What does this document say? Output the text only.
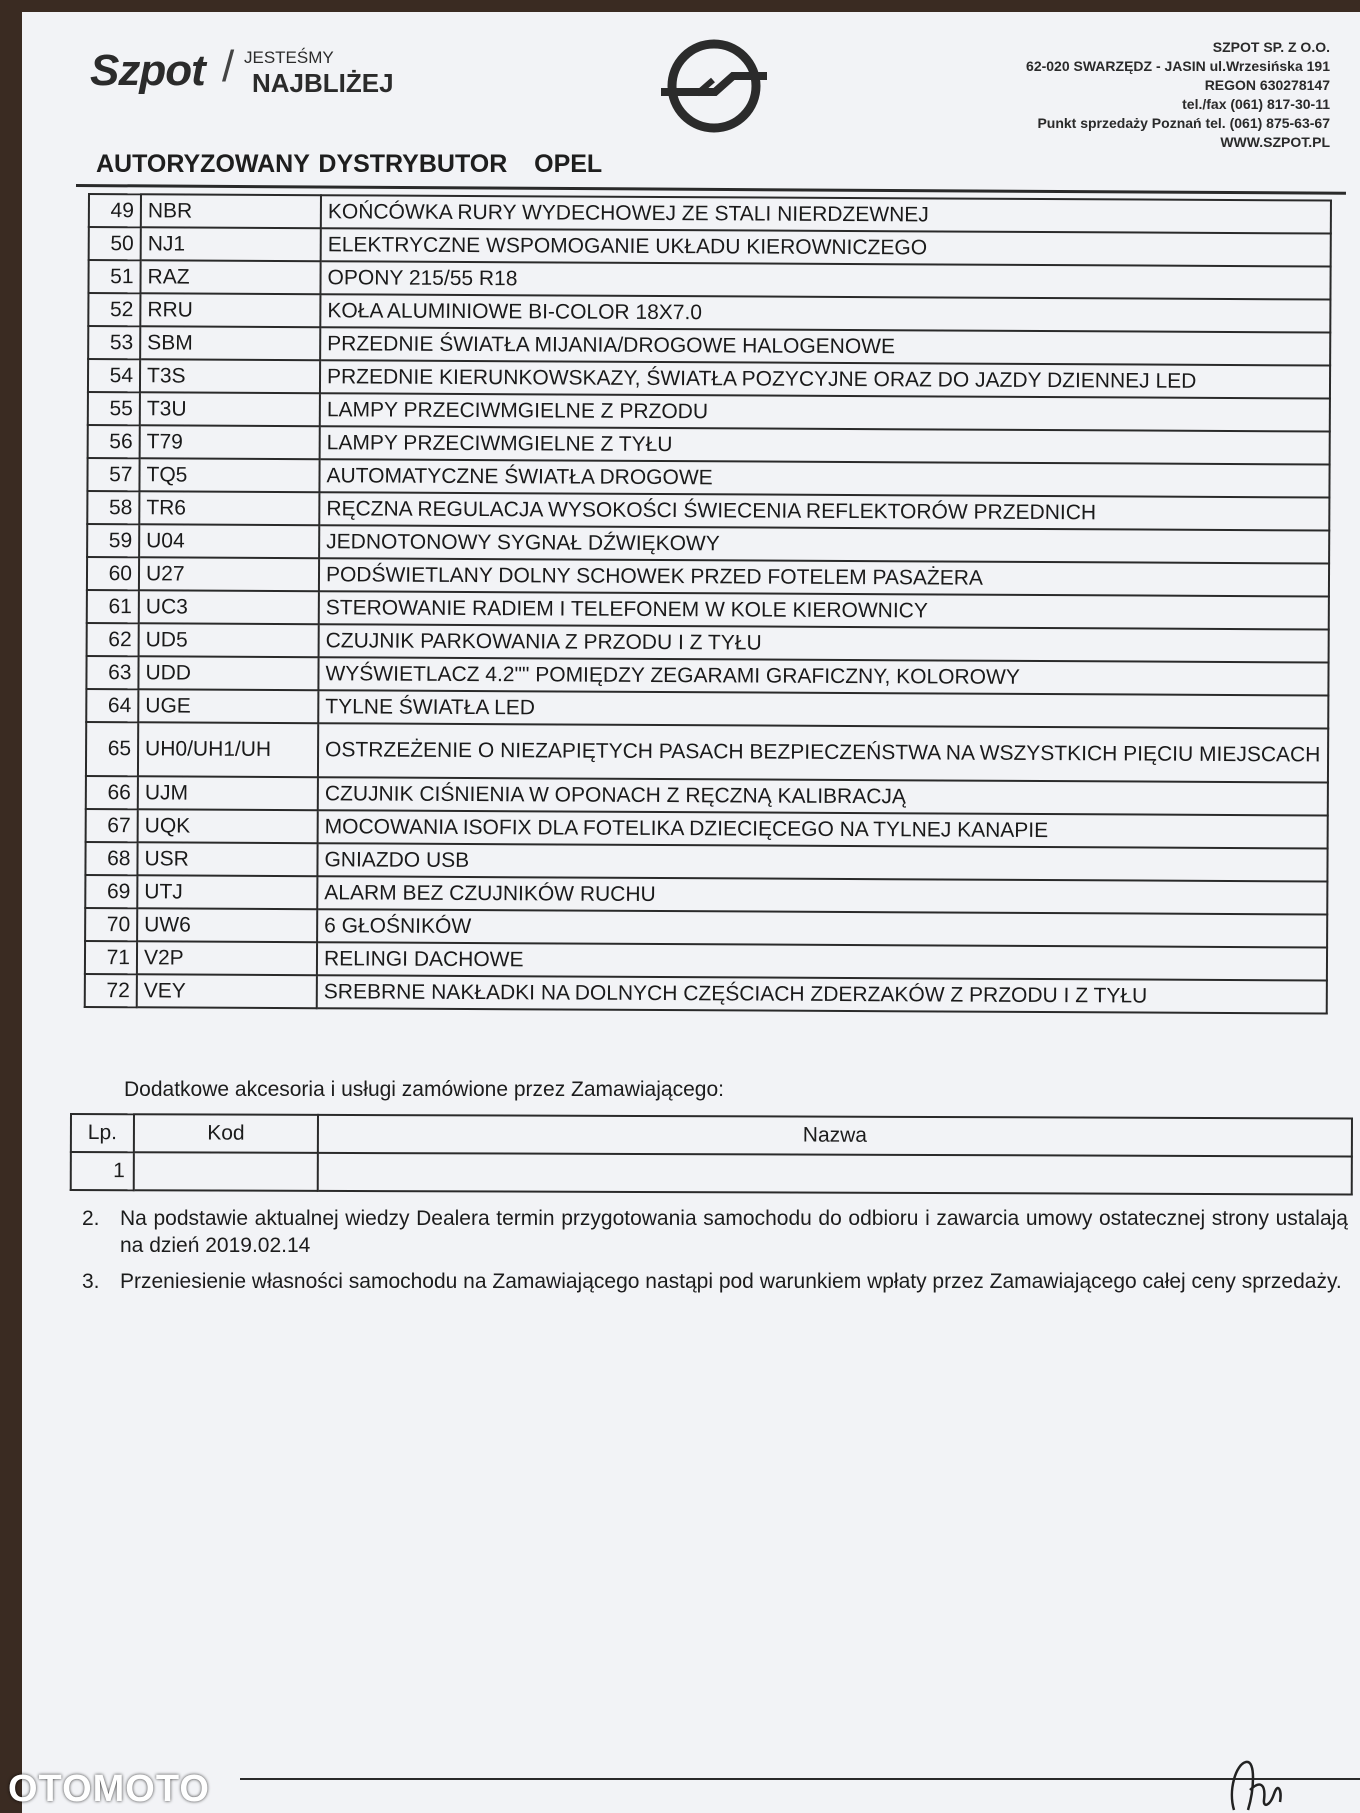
Szpot / JESTEŚMY
NAJBLIŻEJ
SZPOT SP. Z O.O.
62-020 SWARZĘDZ - JASIN ul.Wrzesińska 191
REGON 630278147
tel./fax (061) 817-30-11
Punkt sprzedaży Poznań tel. (061) 875-63-67
WWW.SZPOT.PL
AUTORYZOWANY DYSTRYBUTOR   OPEL
49	NBR	KOŃCÓWKA RURY WYDECHOWEJ ZE STALI NIERDZEWNEJ
50	NJ1	ELEKTRYCZNE WSPOMOGANIE UKŁADU KIEROWNICZEGO
51	RAZ	OPONY 215/55 R18
52	RRU	KOŁA ALUMINIOWE BI-COLOR 18X7.0
53	SBM	PRZEDNIE ŚWIATŁA MIJANIA/DROGOWE HALOGENOWE
54	T3S	PRZEDNIE KIERUNKOWSKAZY, ŚWIATŁA POZYCYJNE ORAZ DO JAZDY DZIENNEJ LED
55	T3U	LAMPY PRZECIWMGIELNE Z PRZODU
56	T79	LAMPY PRZECIWMGIELNE Z TYŁU
57	TQ5	AUTOMATYCZNE ŚWIATŁA DROGOWE
58	TR6	RĘCZNA REGULACJA WYSOKOŚCI ŚWIECENIA REFLEKTORÓW PRZEDNICH
59	U04	JEDNOTONOWY SYGNAŁ DŹWIĘKOWY
60	U27	PODŚWIETLANY DOLNY SCHOWEK PRZED FOTELEM PASAŻERA
61	UC3	STEROWANIE RADIEM I TELEFONEM W KOLE KIEROWNICY
62	UD5	CZUJNIK PARKOWANIA Z PRZODU I Z TYŁU
63	UDD	WYŚWIETLACZ 4.2"" POMIĘDZY ZEGARAMI GRAFICZNY, KOLOROWY
64	UGE	TYLNE ŚWIATŁA LED
65	UH0/UH1/UH	OSTRZEŻENIE O NIEZAPIĘTYCH PASACH BEZPIECZEŃSTWA NA WSZYSTKICH PIĘCIU MIEJSCACH
66	UJM	CZUJNIK CIŚNIENIA W OPONACH Z RĘCZNĄ KALIBRACJĄ
67	UQK	MOCOWANIA ISOFIX DLA FOTELIKA DZIECIĘCEGO NA TYLNEJ KANAPIE
68	USR	GNIAZDO USB
69	UTJ	ALARM BEZ CZUJNIKÓW RUCHU
70	UW6	6 GŁOŚNIKÓW
71	V2P	RELINGI DACHOWE
72	VEY	SREBRNE NAKŁADKI NA DOLNYCH CZĘŚCIACH ZDERZAKÓW Z PRZODU I Z TYŁU
Dodatkowe akcesoria i usługi zamówione przez Zamawiającego:
Lp.	Kod	Nazwa
1		
2. Na podstawie aktualnej wiedzy Dealera termin przygotowania samochodu do odbioru i zawarcia umowy ostatecznej strony ustalają na dzień 2019.02.14
3. Przeniesienie własności samochodu na Zamawiającego nastąpi pod warunkiem wpłaty przez Zamawiającego całej ceny sprzedaży.
OTOMOTO
